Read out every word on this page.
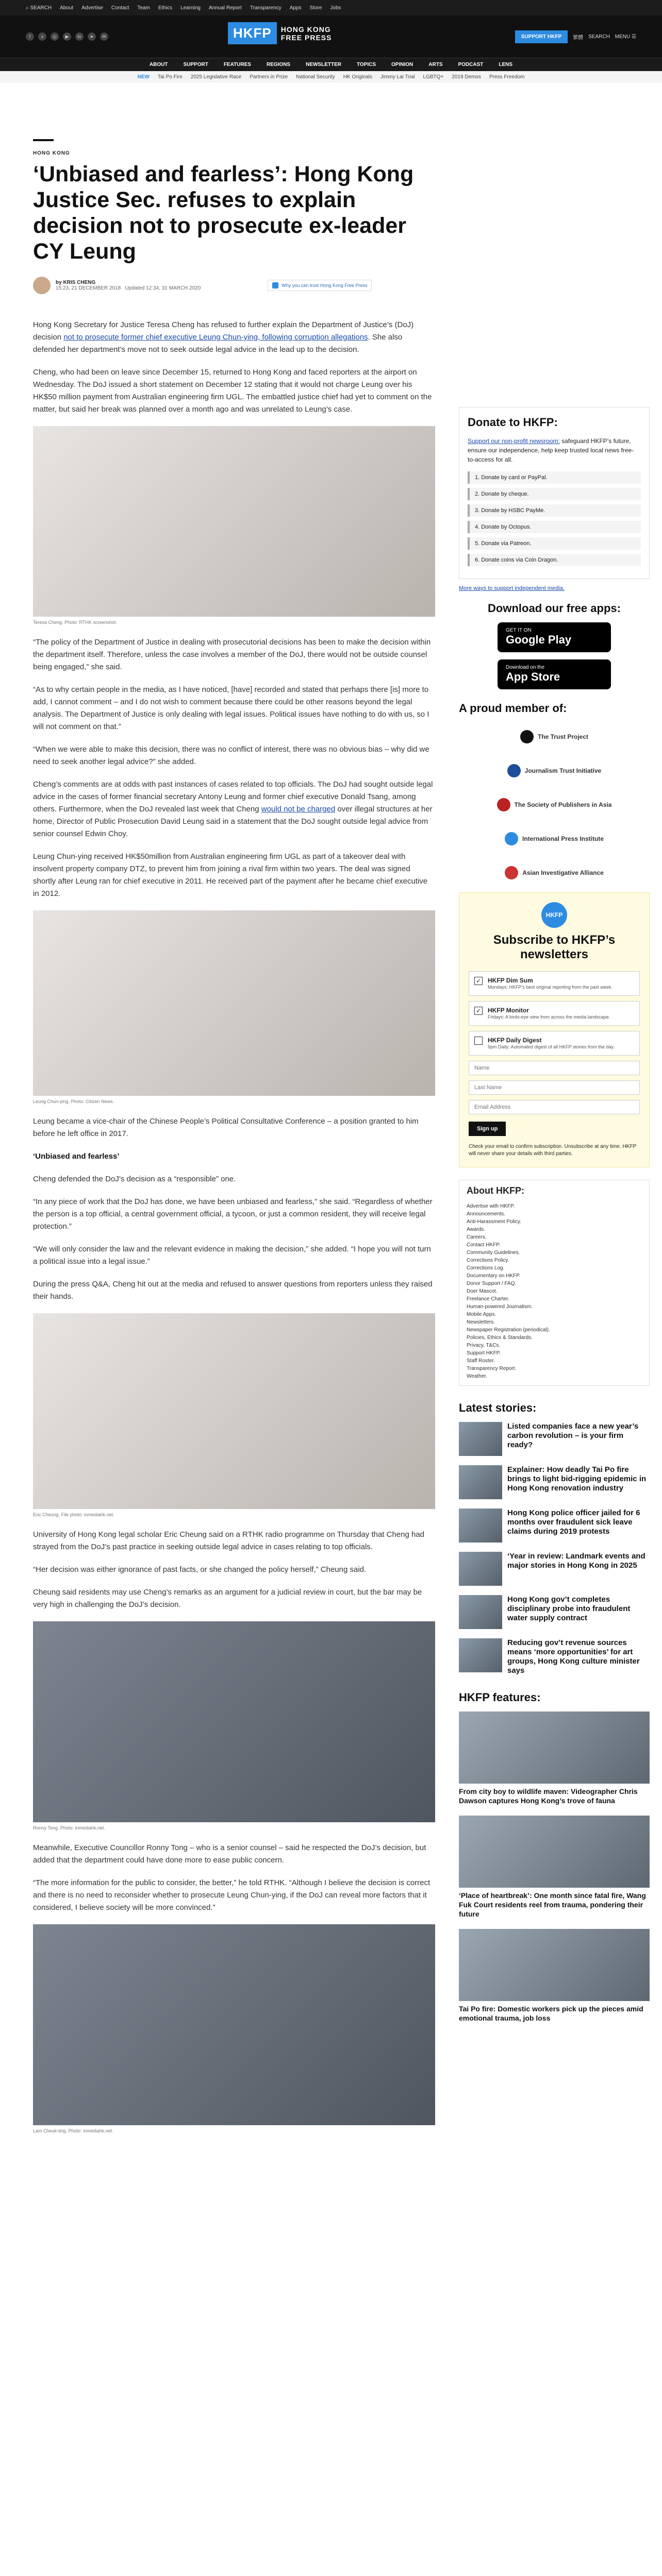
⌕ SEARCH About Advertise Contact Team Ethics Learning Annual Report Transparency Apps Store Jobs
f	x	◎	▶	in	➤	✉	HKFP	HONG KONG
FREE PRESS	SUPPORT HKFP	繁體 SEARCH MENU ☰
ABOUT	SUPPORT	FEATURES	REGIONS	NEWSLETTER	TOPICS	OPINION	ARTS	PODCAST	LENS
NEW Tai Po Fire 2025 Legislative Race Partners in Prize National Security HK Originals Jimmy Lai Trial LGBTQ+ 2019 Demos Press Freedom
HONG KONG
‘Unbiased and fearless’: Hong Kong Justice Sec. refuses to explain decision not to prosecute ex-leader CY Leung
by KRIS CHENG
15:23, 21 DECEMBER 2018 Updated 12:34, 31 MARCH 2020	Why you can trust Hong Kong Free Press

Hong Kong Secretary for Justice Teresa Cheng has refused to further explain the Department of Justice’s (DoJ) decision not to prosecute former chief executive Leung Chun-ying, following corruption allegations. She also defended her department’s move not to seek outside legal advice in the lead up to the decision.

Cheng, who had been on leave since December 15, returned to Hong Kong and faced reporters at the airport on Wednesday. The DoJ issued a short statement on December 12 stating that it would not charge Leung over his HK$50 million payment from Australian engineering firm UGL. The embattled justice chief had yet to comment on the matter, but said her break was planned over a month ago and was unrelated to Leung’s case.

Teresa Cheng. Photo: RTHK screenshot.

“The policy of the Department of Justice in dealing with prosecutorial decisions has been to make the decision within the department itself. Therefore, unless the case involves a member of the DoJ, there would not be outside counsel being engaged,” she said.

“As to why certain people in the media, as I have noticed, [have] recorded and stated that perhaps there [is] more to add, I cannot comment – and I do not wish to comment because there could be other reasons beyond the legal analysis. The Department of Justice is only dealing with legal issues. Political issues have nothing to do with us, so I will not comment on that.”

“When we were able to make this decision, there was no conflict of interest, there was no obvious bias – why did we need to seek another legal advice?” she added.

Cheng’s comments are at odds with past instances of cases related to top officials. The DoJ had sought outside legal advice in the cases of former financial secretary Antony Leung and former chief executive Donald Tsang, among others. Furthermore, when the DoJ revealed last week that Cheng would not be charged over illegal structures at her home, Director of Public Prosecution David Leung said in a statement that the DoJ sought outside legal advice from senior counsel Edwin Choy.

Leung Chun-ying received HK$50million from Australian engineering firm UGL as part of a takeover deal with insolvent property company DTZ, to prevent him from joining a rival firm within two years. The deal was signed shortly after Leung ran for chief executive in 2011. He received part of the payment after he became chief executive in 2012.

Leung Chun-ying. Photo: Citizen News.

Leung became a vice-chair of the Chinese People’s Political Consultative Conference – a position granted to him before he left office in 2017.

‘Unbiased and fearless’

Cheng defended the DoJ’s decision as a “responsible” one.

“In any piece of work that the DoJ has done, we have been unbiased and fearless,” she said. “Regardless of whether the person is a top official, a central government official, a tycoon, or just a common resident, they will receive legal protection.”

“We will only consider the law and the relevant evidence in making the decision,” she added. “I hope you will not turn a political issue into a legal issue.”

During the press Q&A, Cheng hit out at the media and refused to answer questions from reporters unless they raised their hands.

Eric Cheung. File photo: inmediahk.net.

University of Hong Kong legal scholar Eric Cheung said on a RTHK radio programme on Thursday that Cheng had strayed from the DoJ’s past practice in seeking outside legal advice in cases relating to top officials.

“Her decision was either ignorance of past facts, or she changed the policy herself,” Cheung said.

Cheung said residents may use Cheng’s remarks as an argument for a judicial review in court, but the bar may be very high in challenging the DoJ’s decision.

Ronny Tong. Photo: inmediahk.net.

Meanwhile, Executive Councillor Ronny Tong – who is a senior counsel – said he respected the DoJ’s decision, but added that the department could have done more to ease public concern.

“The more information for the public to consider, the better,” he told RTHK. “Although I believe the decision is correct and there is no need to reconsider whether to prosecute Leung Chun-ying, if the DoJ can reveal more factors that it considered, I believe society will be more convinced.”

Lam Cheuk-ting. Photo: inmediahk.net.
Donate to HKFP:
Support our non-profit newsroom: safeguard HKFP’s future, ensure our independence, help keep trusted local news free-to-access for all.
1. Donate by card or PayPal.
2. Donate by cheque.
3. Donate by HSBC PayMe.
4. Donate by Octopus.
5. Donate via Patreon.
6. Donate coins via Coin Dragon.
More ways to support independent media.
Download our free apps:
GET IT ON
Google Play
Download on the
App Store
A proud member of:
The Trust Project
Journalism Trust Initiative
The Society of Publishers in Asia
International Press Institute
Asian Investigative Alliance
HKFP
Subscribe to HKFP’s newsletters
✓ HKFP Dim Sum
Mondays: HKFP’s best original reporting from the past week.
✓ HKFP Monitor
Fridays: A birds-eye view from across the media landscape.
HKFP Daily Digest
9pm Daily: Automated digest of all HKFP stories from the day.
Name Last Name Email Address
Sign up
Check your email to confirm subscription. Unsubscribe at any time. HKFP will never share your details with third parties.
About HKFP:
Advertise with HKFP.
Announcements.
Anti-Harassment Policy.
Awards.
Careers.
Contact HKFP.
Community Guidelines.
Corrections Policy.
Corrections Log.
Documentary on HKFP.
Donor Support / FAQ.
Doer Mascot.
Freelance Charter.
Human-powered Journalism.
Mobile Apps.
Newsletters.
Newspaper Registration (periodical).
Policies, Ethics & Standards.
Privacy, T&Cs.
Support HKFP.
Staff Roster.
Transparency Report.
Weather.
Latest stories:
Listed companies face a new year’s carbon revolution – is your firm ready?
Explainer: How deadly Tai Po fire brings to light bid-rigging epidemic in Hong Kong renovation industry
Hong Kong police officer jailed for 6 months over fraudulent sick leave claims during 2019 protests
‘Year in review: Landmark events and major stories in Hong Kong in 2025
Hong Kong gov’t completes disciplinary probe into fraudulent water supply contract
Reducing gov’t revenue sources means ‘more opportunities’ for art groups, Hong Kong culture minister says
HKFP features:
From city boy to wildlife maven: Videographer Chris Dawson captures Hong Kong’s trove of fauna
‘Place of heartbreak’: One month since fatal fire, Wang Fuk Court residents reel from trauma, pondering their future
Tai Po fire: Domestic workers pick up the pieces amid emotional trauma, job loss
